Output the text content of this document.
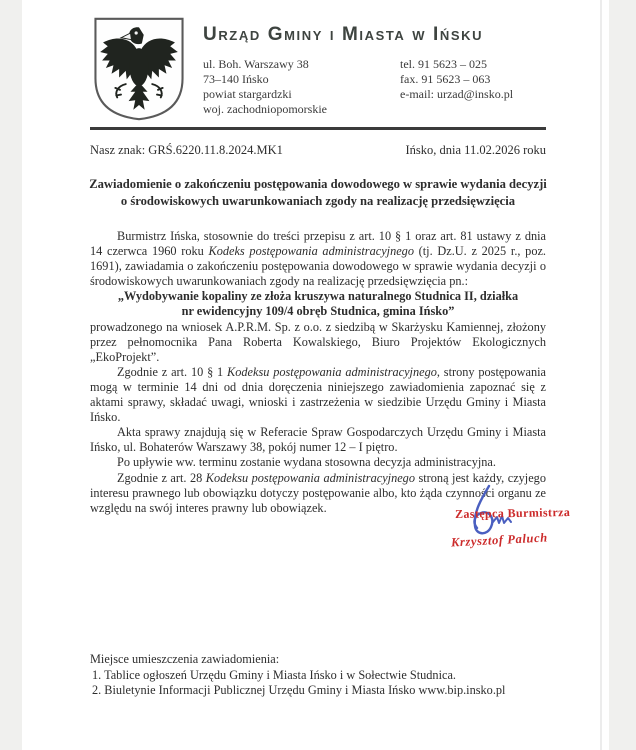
Urząd Gminy i Miasta w Ińsku
ul. Boh. Warszawy 38
73–140 Ińsko
powiat stargardzki
woj. zachodniopomorskie
tel. 91 5623 – 025
fax. 91 5623 – 063
e-mail: urzad@insko.pl
Nasz znak: GRŚ.6220.11.8.2024.MK1	Ińsko, dnia 11.02.2026 roku
Zawiadomienie o zakończeniu postępowania dowodowego w sprawie wydania decyzji
o środowiskowych uwarunkowaniach zgody na realizację przedsięwzięcia

Burmistrz Ińska, stosownie do treści przepisu z art. 10 § 1 oraz art. 81 ustawy z dnia 14 czerwca 1960 roku Kodeks postępowania administracyjnego (tj. Dz.U. z 2025 r., poz. 1691), zawiadamia o zakończeniu postępowania dowodowego w sprawie wydania decyzji o środowiskowych uwarunkowaniach zgody na realizację przedsięwzięcia pn.:

„Wydobywanie kopaliny ze złoża kruszywa naturalnego Studnica II, działka
nr ewidencyjny 109/4 obręb Studnica, gmina Ińsko”

prowadzonego na wniosek A.P.R.M. Sp. z o.o. z siedzibą w Skarżysku Kamiennej, złożony przez pełnomocnika Pana Roberta Kowalskiego, Biuro Projektów Ekologicznych „EkoProjekt”.

Zgodnie z art. 10 § 1 Kodeksu postępowania administracyjnego, strony postępowania mogą w terminie 14 dni od dnia doręczenia niniejszego zawiadomienia zapoznać się z aktami sprawy, składać uwagi, wnioski i zastrzeżenia w siedzibie Urzędu Gminy i Miasta Ińsko.

Akta sprawy znajdują się w Referacie Spraw Gospodarczych Urzędu Gminy i Miasta Ińsko, ul. Bohaterów Warszawy 38, pokój numer 12 – I piętro.

Po upływie ww. terminu zostanie wydana stosowna decyzja administracyjna.

Zgodnie z art. 28 Kodeksu postępowania administracyjnego stroną jest każdy, czyjego interesu prawnego lub obowiązku dotyczy postępowanie albo, kto żąda czynności organu ze względu na swój interes prawny lub obowiązek.	Zastępca Burmistrza
Krzysztof Paluch
Miejsce umieszczenia zawiadomienia:
1. Tablice ogłoszeń Urzędu Gminy i Miasta Ińsko i w Sołectwie Studnica.
2. Biuletynie Informacji Publicznej Urzędu Gminy i Miasta Ińsko www.bip.insko.pl
